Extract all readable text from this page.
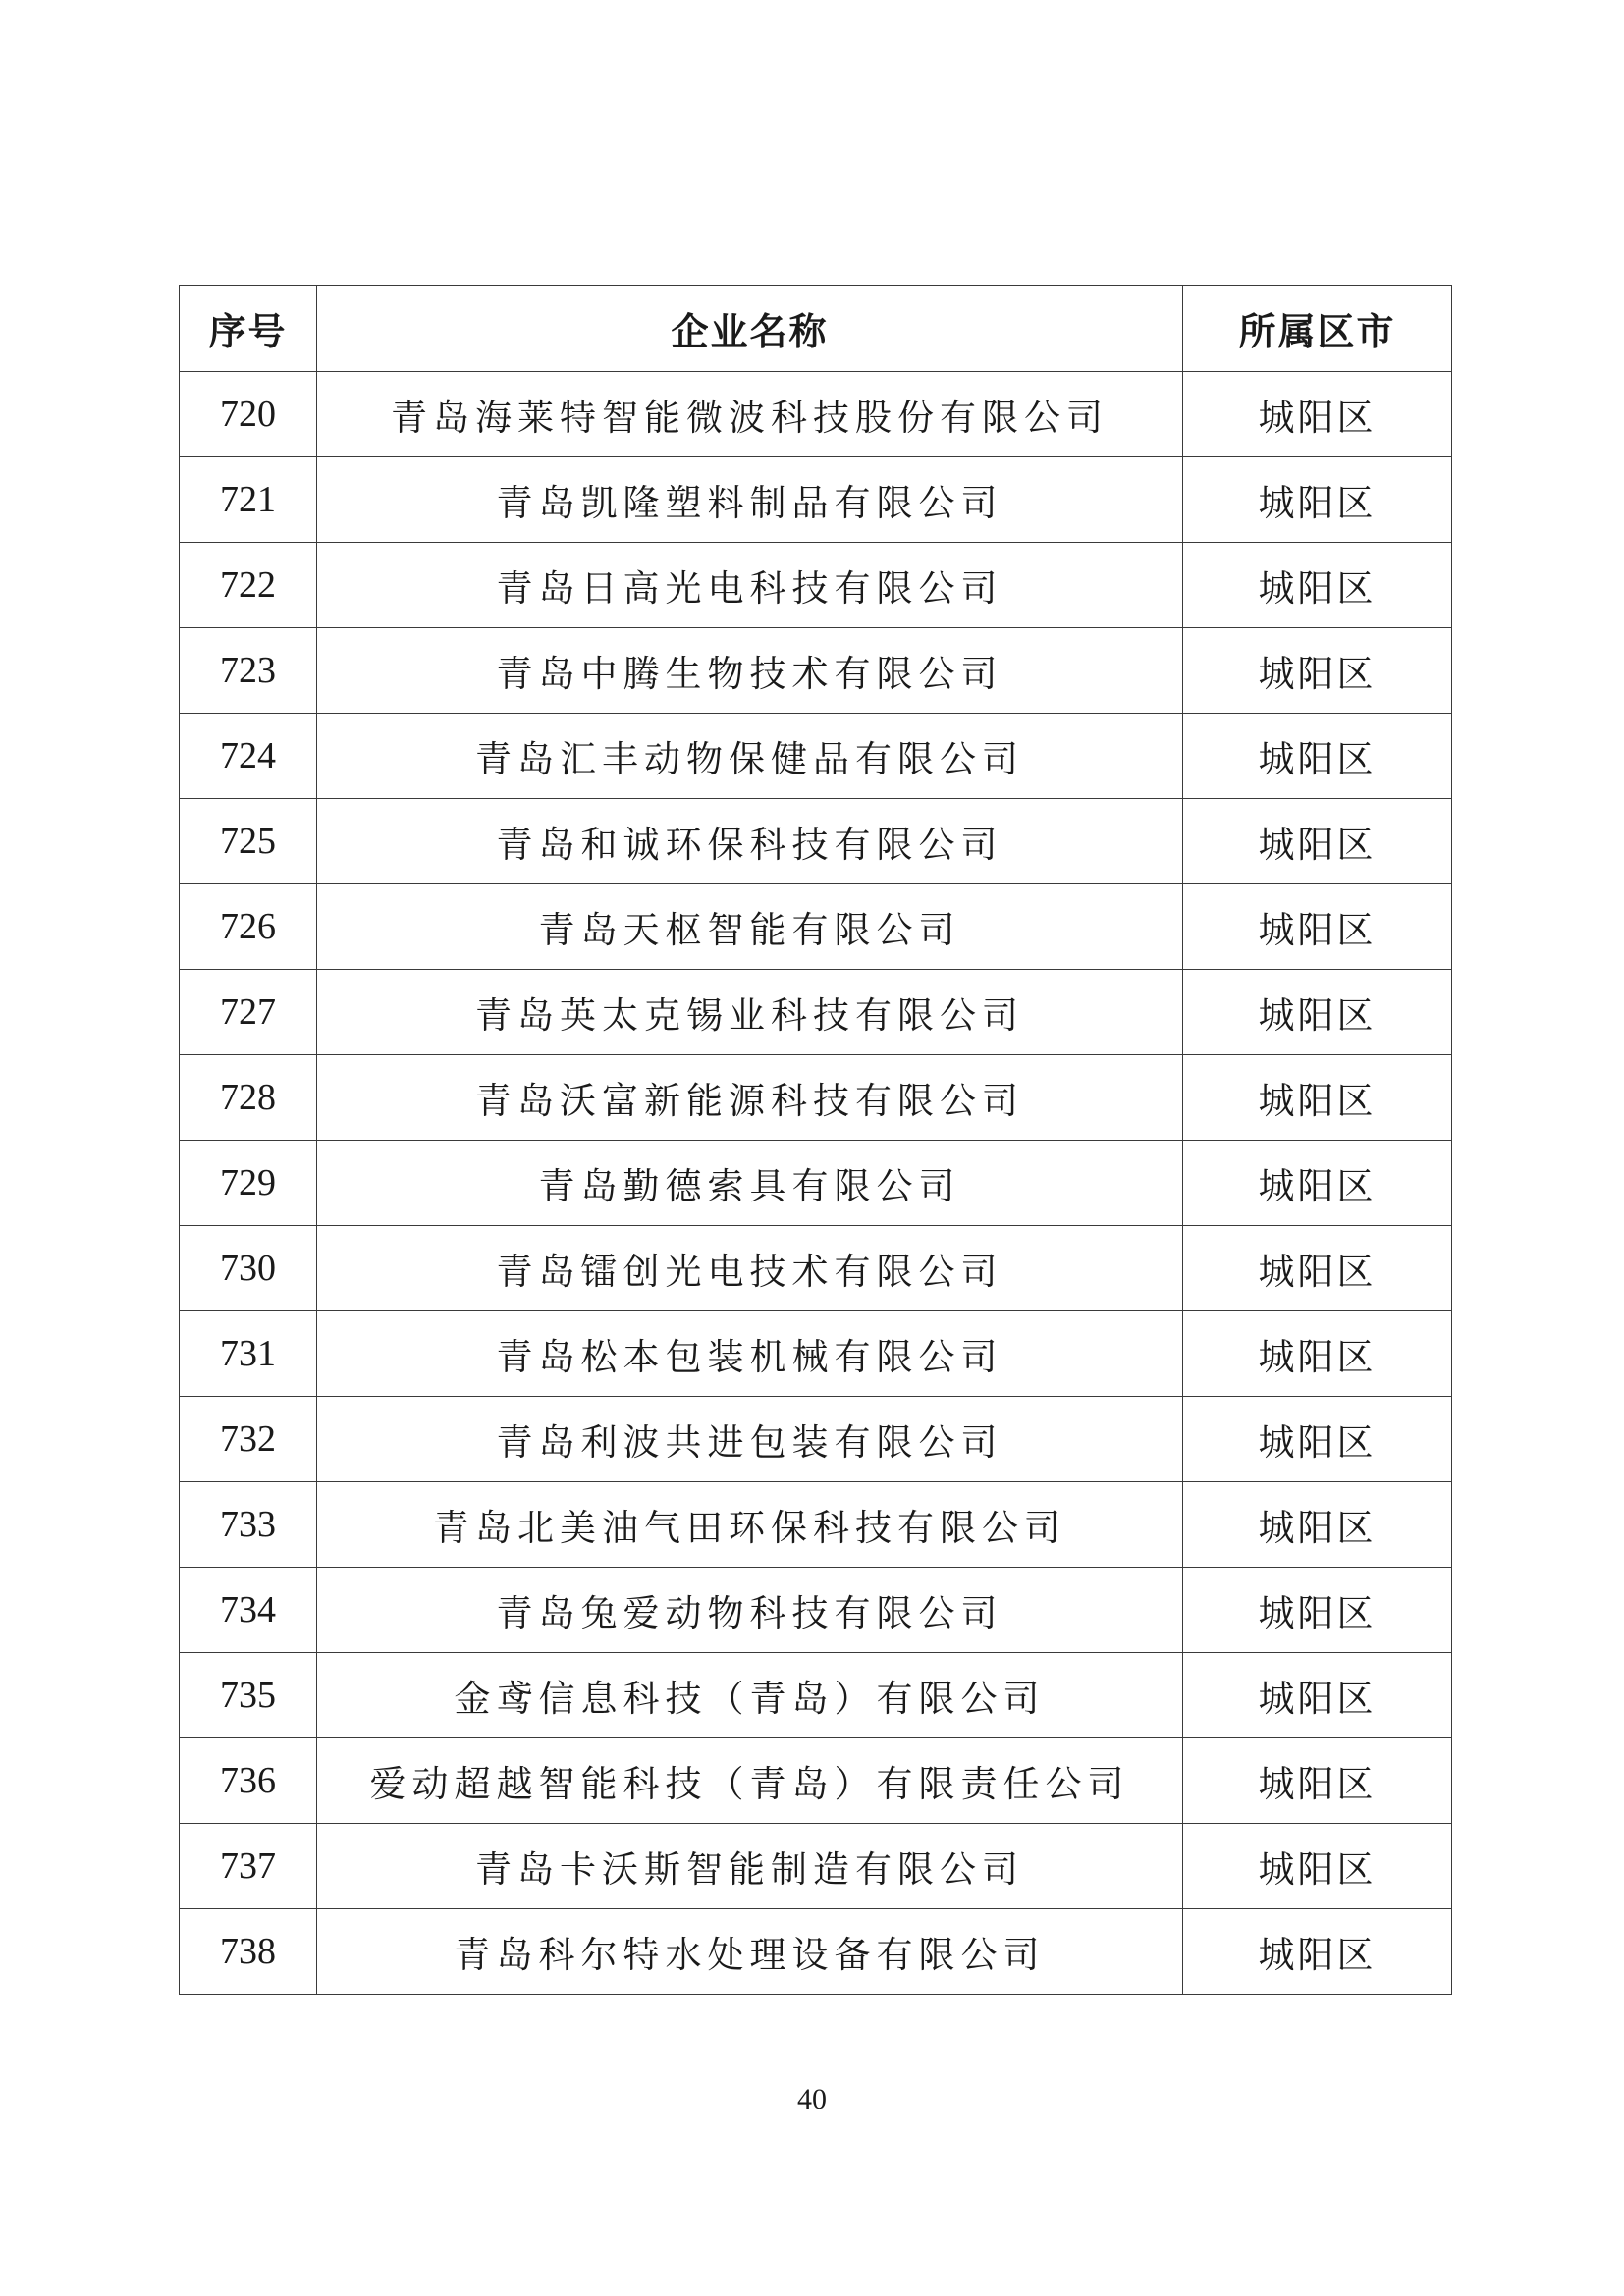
序号	企业名称	所属区市
720	青岛海莱特智能微波科技股份有限公司	城阳区
721	青岛凯隆塑料制品有限公司	城阳区
722	青岛日高光电科技有限公司	城阳区
723	青岛中腾生物技术有限公司	城阳区
724	青岛汇丰动物保健品有限公司	城阳区
725	青岛和诚环保科技有限公司	城阳区
726	青岛天枢智能有限公司	城阳区
727	青岛英太克锡业科技有限公司	城阳区
728	青岛沃富新能源科技有限公司	城阳区
729	青岛勤德索具有限公司	城阳区
730	青岛镭创光电技术有限公司	城阳区
731	青岛松本包装机械有限公司	城阳区
732	青岛利波共进包装有限公司	城阳区
733	青岛北美油气田环保科技有限公司	城阳区
734	青岛兔爱动物科技有限公司	城阳区
735	金鸢信息科技（青岛）有限公司	城阳区
736	爱动超越智能科技（青岛）有限责任公司	城阳区
737	青岛卡沃斯智能制造有限公司	城阳区
738	青岛科尔特水处理设备有限公司	城阳区
40
